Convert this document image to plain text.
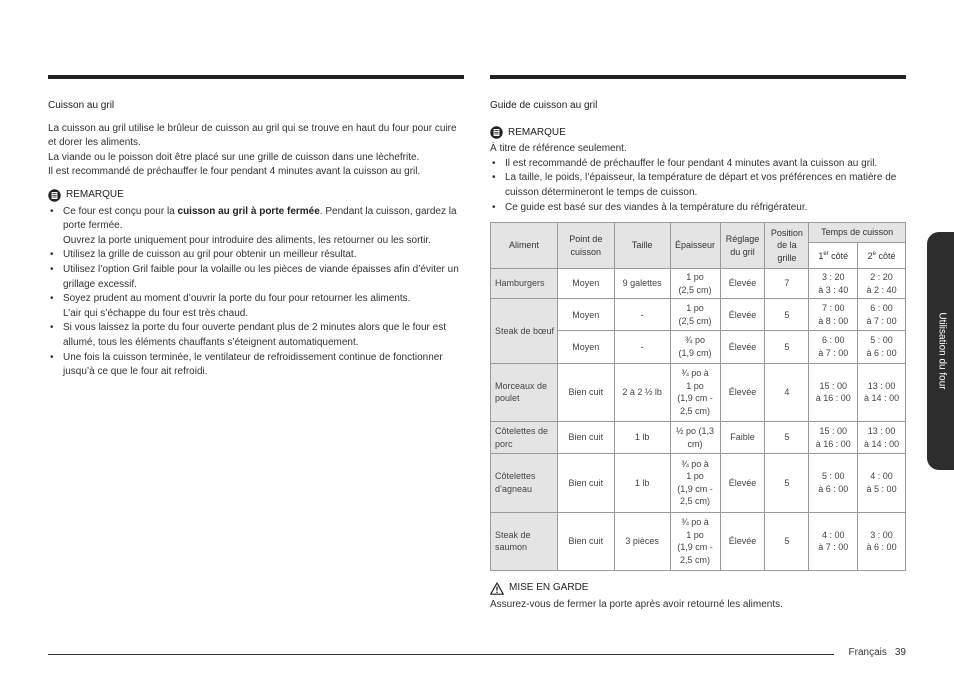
Cuisson au gril

La cuisson au gril utilise le brûleur de cuisson au gril qui se trouve en haut du four pour cuire et dorer les aliments.

La viande ou le poisson doit être placé sur une grille de cuisson dans une lèchefrite.

Il est recommandé de préchauffer le four pendant 4 minutes avant la cuisson au gril.

REMARQUE
• Ce four est conçu pour la cuisson au gril à porte fermée. Pendant la cuisson, gardez la porte fermée.
Ouvrez la porte uniquement pour introduire des aliments, les retourner ou les sortir.
• Utilisez la grille de cuisson au gril pour obtenir un meilleur résultat.
• Utilisez l’option Gril faible pour la volaille ou les pièces de viande épaisses afin d’éviter un grillage excessif.
• Soyez prudent au moment d’ouvrir la porte du four pour retourner les aliments.
L’air qui s’échappe du four est très chaud.
• Si vous laissez la porte du four ouverte pendant plus de 2 minutes alors que le four est allumé, tous les éléments chauffants s’éteignent automatiquement.
• Une fois la cuisson terminée, le ventilateur de refroidissement continue de fonctionner jusqu’à ce que le four ait refroidi.
Guide de cuisson au gril
REMARQUE

À titre de référence seulement.

• Il est recommandé de préchauffer le four pendant 4 minutes avant la cuisson au gril.
• La taille, le poids, l’épaisseur, la température de départ et vos préférences en matière de cuisson détermineront le temps de cuisson.
• Ce guide est basé sur des viandes à la température du réfrigérateur.
Aliment	Point de cuisson	Taille	Épaisseur	Réglage du gril	Position de la grille	Temps de cuisson	
						1er côté	2e côté
Hamburgers	Moyen	9 galettes	1 po
(2,5 cm)	Élevée	7	3 : 20
à 3 : 40	2 : 20
à 2 : 40
Steak de bœuf	Moyen	-	1 po
(2,5 cm)	Élevée	5	7 : 00
à 8 : 00	6 : 00
à 7 : 00
	Moyen	-	¾ po
(1,9 cm)	Élevée	5	6 : 00
à 7 : 00	5 : 00
à 6 : 00
Morceaux de poulet	Bien cuit	2 à 2 ½ lb	¾ po à
1 po
(1,9 cm -
2,5 cm)	Élevée	4	15 : 00
à 16 : 00	13 : 00
à 14 : 00
Côtelettes de porc	Bien cuit	1 lb	½ po (1,3
cm)	Faible	5	15 : 00
à 16 : 00	13 : 00
à 14 : 00
Côtelettes d’agneau	Bien cuit	1 lb	¾ po à
1 po
(1,9 cm -
2,5 cm)	Élevée	5	5 : 00
à 6 : 00	4 : 00
à 5 : 00
Steak de saumon	Bien cuit	3 pièces	¾ po à
1 po
(1,9 cm -
2,5 cm)	Élevée	5	4 : 00
à 7 : 00	3 : 00
à 6 : 00
MISE EN GARDE

Assurez-vous de fermer la porte après avoir retourné les aliments.

Utilisation du four
Français 39
